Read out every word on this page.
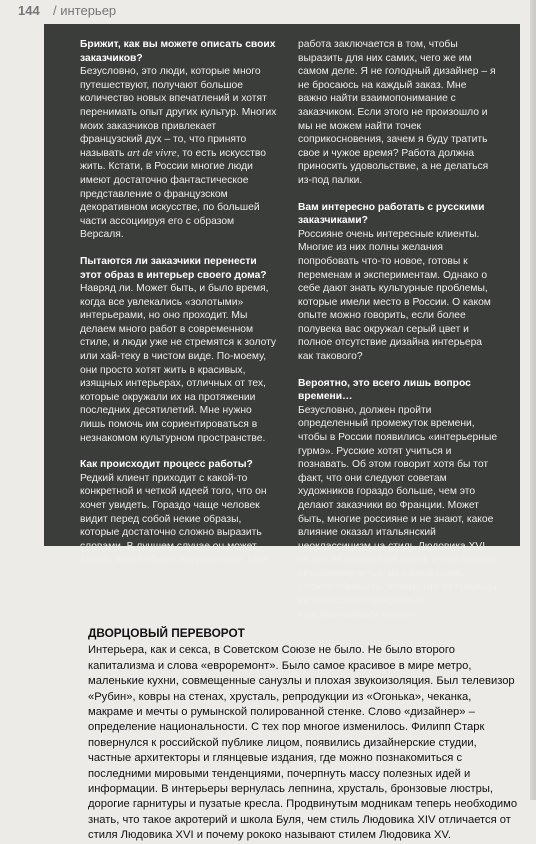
144 / интерьер

Брижит, как вы можете описать своих заказчиков?

Безусловно, это люди, которые много путешествуют, получают большое количество новых впечатлений и хотят перенимать опыт других культур. Многих моих заказчиков привлекает французский дух – то, что принято называть art de vivre, то есть искусство жить. Кстати, в России многие люди имеют достаточно фантастическое представление о французском декоративном искусстве, по большей части ассоциируя его с образом Версаля.

Пытаются ли заказчики перенести этот образ в интерьер своего дома?

Навряд ли. Может быть, и было время, когда все увлекались «золотыми» интерьерами, но оно проходит. Мы делаем много работ в современном стиле, и люди уже не стремятся к золоту или хай-теку в чистом виде. По-моему, они просто хотят жить в красивых, изящных интерьерах, отличных от тех, которые окружали их на протяжении последних десятилетий. Мне нужно лишь помочь им сориентироваться в незнакомом культурном пространстве.

Как происходит процесс работы?

Редкий клиент приходит с какой-то конкретной и четкой идеей того, что он хочет увидеть. Гораздо чаще человек видит перед собой некие образы, которые достаточно сложно выразить словами. В лучшем случае он может задать некое общее направление. Моя

работа заключается в том, чтобы выразить для них самих, чего же им самом деле. Я не голодный дизайнер – я не бросаюсь на каждый заказ. Мне важно найти взаимопонимание с заказчиком. Если этого не произошло и мы не можем найти точек соприкосновения, зачем я буду тратить свое и чужое время? Работа должна приносить удовольствие, а не делаться из-под палки.

Вам интересно работать с русскими заказчиками?

Россияне очень интересные клиенты. Многие из них полны желания попробовать что-то новое, готовы к переменам и экспериментам. Однако о себе дают знать культурные проблемы, которые имели место в России. О каком опыте можно говорить, если более полувека вас окружал серый цвет и полное отсутствие дизайна интерьера как такового?

Вероятно, это всего лишь вопрос времени…

Безусловно, должен пройти определенный промежуток времени, чтобы в России появились «интерьерные гурмэ». Русские хотят учиться и познавать. Об этом говорит хотя бы тот факт, что они следуют советам художников гораздо больше, чем это делают заказчики во Франции. Может быть, многие россияне и не знают, какое влияние оказал итальянский неоклассицизм на стиль Людовика XVI, но это не мешает им иметь очень верное внутреннее чутье: их взгляд очень сложно обмануть, потому что от природы вы обладаете прекрасным художественным вкусом.

ДВОРЦОВЫЙ ПЕРЕВОРОТ

Интерьера, как и секса, в Советском Союзе не было. Не было второго капитализма и слова «евроремонт». Было самое красивое в мире метро, маленькие кухни, совмещенные санузлы и плохая звукоизоляция. Был телевизор «Рубин», ковры на стенах, хрусталь, репродукции из «Огонька», чеканка, макраме и мечты о румынской полированной стенке. Слово «дизайнер» – определение национальности. С тех пор многое изменилось. Филипп Старк повернулся к российской публике лицом, появились дизайнерские студии, частные архитекторы и глянцевые издания, где можно познакомиться с последними мировыми тенденциями, почерпнуть массу полезных идей и информации. В интерьеры вернулась лепнина, хрусталь, бронзовые люстры, дорогие гарнитуры и пузатые кресла. Продвинутым модникам теперь необходимо знать, что такое акротерий и школа Буля, чем стиль Людовика XIV отличается от стиля Людовика XVI и почему рококо называют стилем Людовика XV.
